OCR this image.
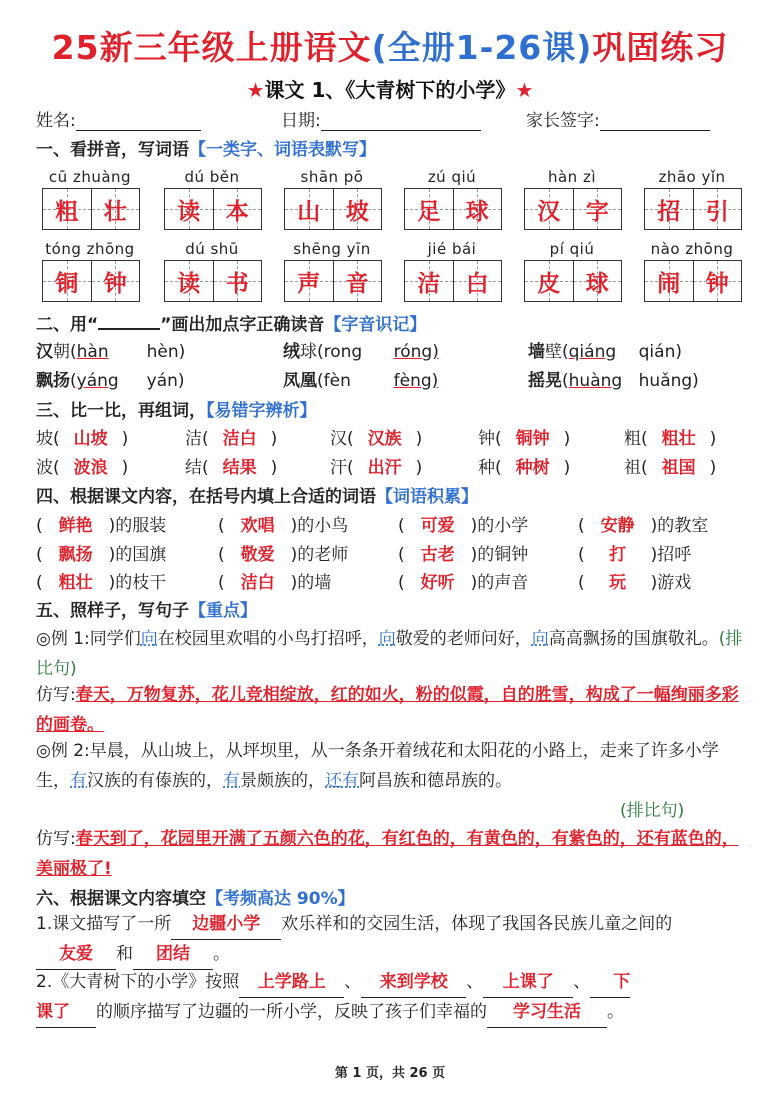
25新三年级上册语文(全册1-26课)巩固练习
★课文 1、《大青树下的小学》★
姓名:	日期:	家长签字:
一、看拼音，写词语【一类字、词语表默写】
cū zhuàng
粗 壮
dú běn
读 本
shān pō
山 坡
zú qiú
足 球
hàn zì
汉 字
zhāo yǐn
招 引
tóng zhōng
铜 钟
dú shū
读 书
shēng yīn
声 音
jié bái
洁 白
pí qiú
皮 球
nào zhōng
闹 钟
二、用“	”画出加点字正确读音【字音识记】
汉朝(hàn hèn)	绒球(rong róng)	墙壁(qiáng qián)
飘扬(yáng yán)	凤凰(fèn	fèng)	摇晃(huàng huǎng)
三、比一比，再组词，【易错字辨析】
坡( 山坡 )	洁( 洁白 )	汉( 汉族 )	钟( 铜钟 )	粗( 粗壮 )
波( 波浪 )	结( 结果 )	汗( 出汗 )	种( 种树 )	祖( 祖国 )
四、根据课文内容，在括号内填上合适的词语【词语积累】
( 鲜艳 )的服装	( 欢唱 )的小鸟	( 可爱 )的小学	( 安静 )的教室
( 飘扬 )的国旗	( 敬爱 )的老师	( 古老 )的铜钟	( 打 )招呼
( 粗壮 )的枝干	( 洁白 )的墙	( 好听 )的声音	( 玩 )游戏
五、照样子，写句子【重点】
◎例 1:同学们向在校园里欢唱的小鸟打招呼，向敬爱的老师问好，向高高飘扬的国旗敬礼。(排比句)
仿写:春天，万物复苏，花儿竞相绽放，红的如火，粉的似霞，自的胜雪，构成了一幅绚丽多彩的画卷。
◎例 2:早晨，从山坡上，从坪坝里，从一条条开着绒花和太阳花的小路上，走来了许多小学生，有汉族的有傣族的，有景颇族的，还有阿昌族和德昂族的。
(排比句)
仿写:春天到了，花园里开满了五颜六色的花，有红色的，有黄色的，有紫色的，还有蓝色的，美丽极了!
六、根据课文内容填空【考频高达 90%】
1.课文描写了一所 边疆小学 欢乐祥和的交园生活，体现了我国各民族儿童之间的友爱 和 团结 。
2.《大青树下的小学》按照 上学路上 、 来到学校 、 上课了 、 下
课了 的顺序描写了边疆的一所小学，反映了孩子们幸福的 学习生活 。
第 1 页，共 26 页
